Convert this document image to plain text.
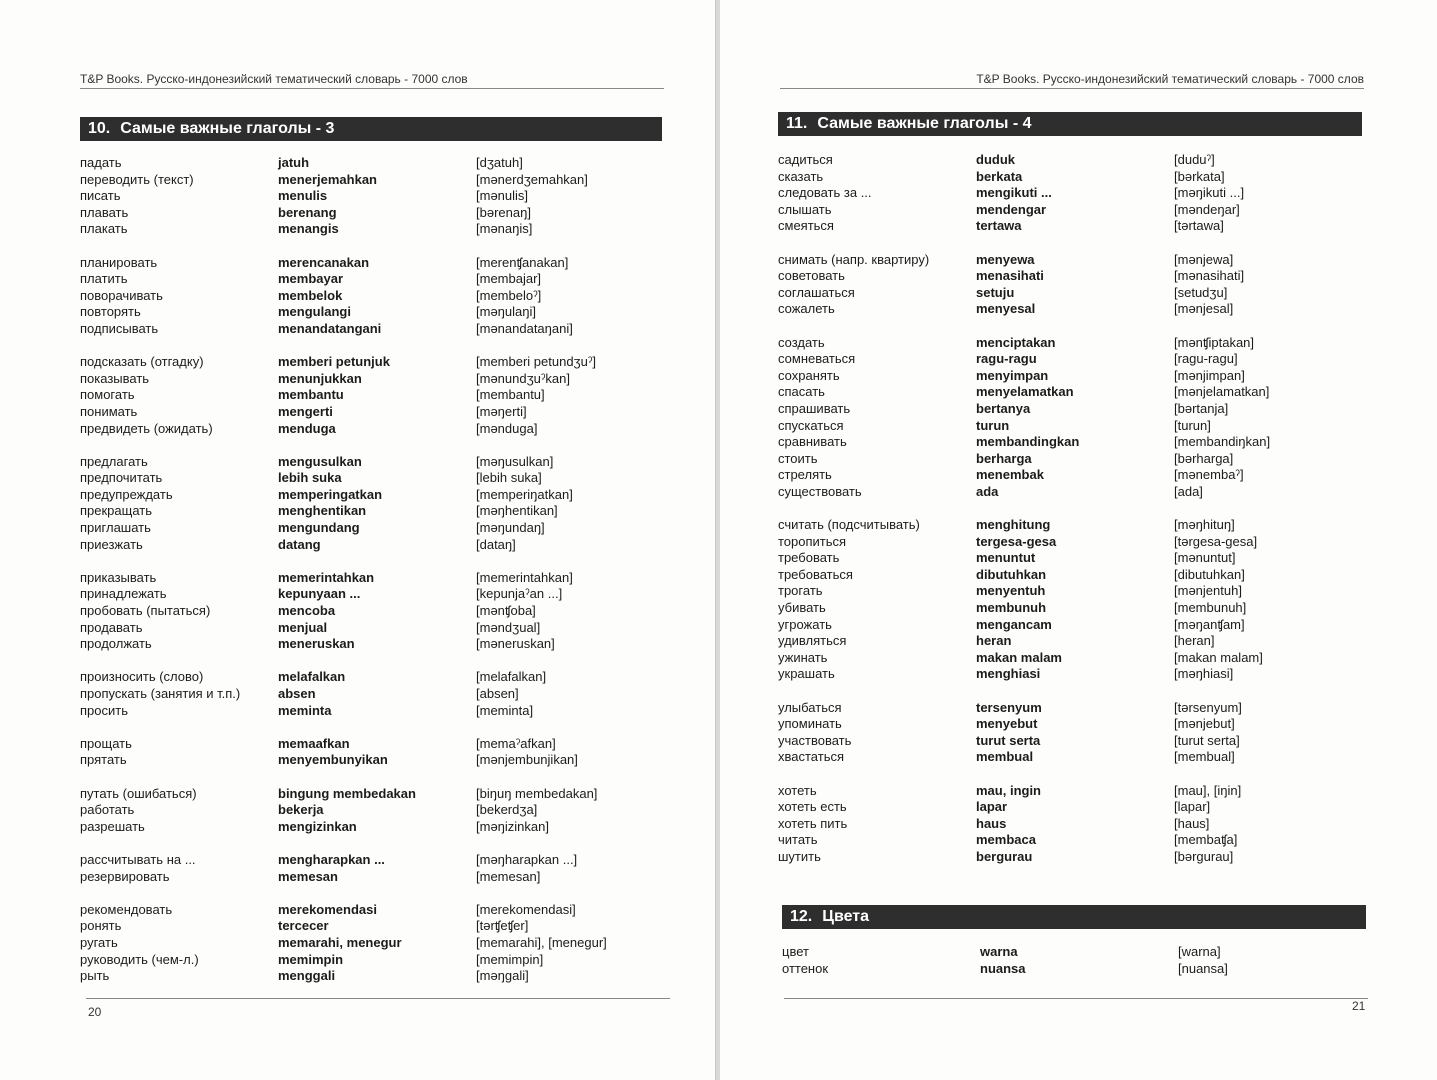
T&P Books. Русско-индонезийский тематический словарь - 7000 слов
10. Самые важные глаголы - 3
падать	jatuh	[dʒatuh]
переводить (текст)	menerjemahkan	[mənerdʒemahkan]
писать	menulis	[mənulis]
плавать	berenang	[bərenaŋ]
плакать	menangis	[mənaŋis]
планировать	merencanakan	[merenʧanakan]
платить	membayar	[membajar]
поворачивать	membelok	[membeloˀ]
повторять	mengulangi	[məŋulaŋi]
подписывать	menandatangani	[mənandataŋani]
подсказать (отгадку)	memberi petunjuk	[memberi petundʒuˀ]
показывать	menunjukkan	[mənundʒuˀkan]
помогать	membantu	[membantu]
понимать	mengerti	[məŋerti]
предвидеть (ожидать)	menduga	[mənduga]
предлагать	mengusulkan	[məŋusulkan]
предпочитать	lebih suka	[lebih suka]
предупреждать	memperingatkan	[memperiŋatkan]
прекращать	menghentikan	[məŋhentikan]
приглашать	mengundang	[məŋundaŋ]
приезжать	datang	[dataŋ]
приказывать	memerintahkan	[memerintahkan]
принадлежать	kepunyaan ...	[kepunjaˀan ...]
пробовать (пытаться)	mencoba	[mənʧoba]
продавать	menjual	[məndʒual]
продолжать	meneruskan	[məneruskan]
произносить (слово)	melafalkan	[melafalkan]
пропускать (занятия и т.п.)	absen	[absen]
просить	meminta	[meminta]
прощать	memaafkan	[memaˀafkan]
прятать	menyembunyikan	[mənjembunjikan]
путать (ошибаться)	bingung membedakan	[biŋuŋ membedakan]
работать	bekerja	[bekerdʒa]
разрешать	mengizinkan	[məŋizinkan]
рассчитывать на ...	mengharapkan ...	[məŋharapkan ...]
резервировать	memesan	[memesan]
рекомендовать	merekomendasi	[merekomendasi]
ронять	tercecer	[tərʧeʧer]
ругать	memarahi, menegur	[memarahi], [menegur]
руководить (чем-л.)	memimpin	[memimpin]
рыть	menggali	[məŋgali]
20
T&P Books. Русско-индонезийский тематический словарь - 7000 слов
11. Самые важные глаголы - 4
садиться	duduk	[duduˀ]
сказать	berkata	[bərkata]
следовать за ...	mengikuti ...	[məŋikuti ...]
слышать	mendengar	[məndeŋar]
смеяться	tertawa	[tərtawa]
снимать (напр. квартиру)	menyewa	[mənjewa]
советовать	menasihati	[mənasihati]
соглашаться	setuju	[setudʒu]
сожалеть	menyesal	[mənjesal]
создать	menciptakan	[mənʧiptakan]
сомневаться	ragu-ragu	[ragu-ragu]
сохранять	menyimpan	[mənjimpan]
спасать	menyelamatkan	[mənjelamatkan]
спрашивать	bertanya	[bərtanja]
спускаться	turun	[turun]
сравнивать	membandingkan	[membandiŋkan]
стоить	berharga	[bərharga]
стрелять	menembak	[mənembaˀ]
существовать	ada	[ada]
считать (подсчитывать)	menghitung	[məŋhituŋ]
торопиться	tergesa-gesa	[tərgesa-gesa]
требовать	menuntut	[mənuntut]
требоваться	dibutuhkan	[dibutuhkan]
трогать	menyentuh	[mənjentuh]
убивать	membunuh	[membunuh]
угрожать	mengancam	[məŋanʧam]
удивляться	heran	[heran]
ужинать	makan malam	[makan malam]
украшать	menghiasi	[məŋhiasi]
улыбаться	tersenyum	[tərsenyum]
упоминать	menyebut	[mənjebut]
участвовать	turut serta	[turut serta]
хвастаться	membual	[membual]
хотеть	mau, ingin	[mau], [iŋin]
хотеть есть	lapar	[lapar]
хотеть пить	haus	[haus]
читать	membaca	[membaʧa]
шутить	bergurau	[bərgurau]
12. Цвета
цвет	warna	[warna]
оттенок	nuansa	[nuansa]
21
